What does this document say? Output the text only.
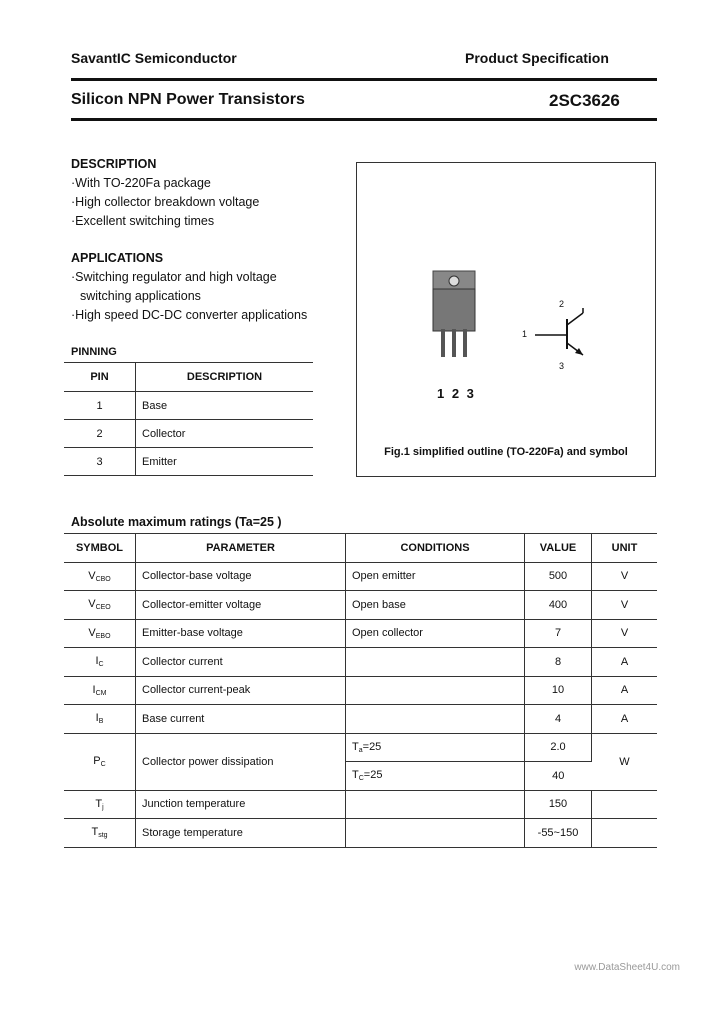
SavantIC Semiconductor	Product Specification
Silicon NPN Power Transistors	2SC3626
DESCRIPTION
·With TO-220Fa package
·High collector breakdown voltage
·Excellent switching times
APPLICATIONS
·Switching regulator and high voltage
switching applications
·High speed DC-DC converter applications
PINNING
PIN	DESCRIPTION
1	Base
2	Collector
3	Emitter
1 2 3
1
2
3
Fig.1 simplified outline (TO-220Fa) and symbol
Absolute maximum ratings (Ta=25 )
SYMBOL	PARAMETER	CONDITIONS	VALUE	UNIT
$V_{CBO}$	Collector-base voltage	Open emitter	500	V
$V_{CEO}$	Collector-emitter voltage	Open base	400	V
$V_{EBO}$	Emitter-base voltage	Open collector	7	V
$I_C$	Collector current		8	A
$I_{CM}$	Collector current-peak		10	A
$I_B$	Base current		4	A
$P_C$	Collector power dissipation	$T_a=25$	2.0	W
		$T_C=25$	40	
$T_j$	Junction temperature		150	
$T_{stg}$	Storage temperature		-55~150	
www.DataSheet4U.com
